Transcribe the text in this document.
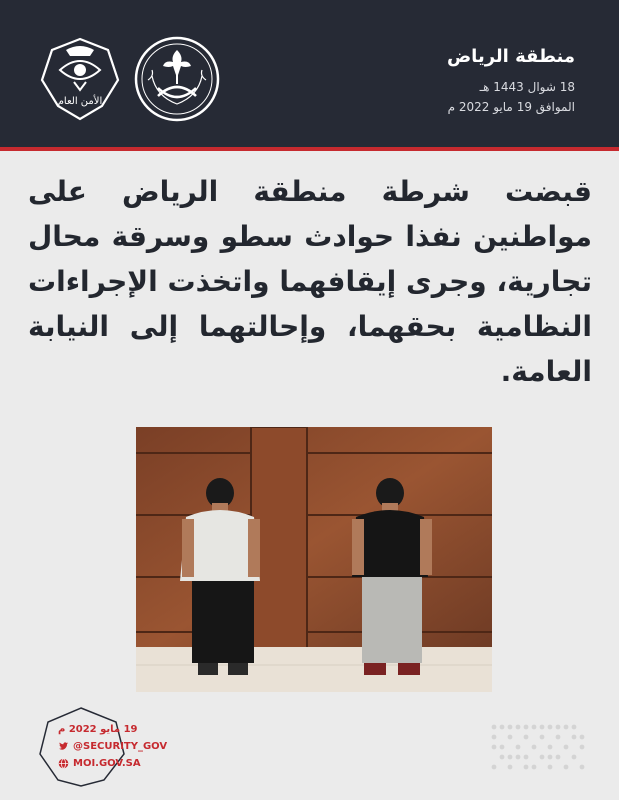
منطقة الرياض
18 شوال 1443 هـ
الموافق 19 مايو 2022 م
الأمن العام

قبضت شرطة منطقة الرياض على مواطنين نفذا حوادث سطو وسرقة محال تجارية، وجرى إيقافهما واتخذت الإجراءات النظامية بحقهما، وإحالتهما إلى النيابة العامة.

19 مايو 2022 م
@SECURITY_GOV
MOI.GOV.SA
